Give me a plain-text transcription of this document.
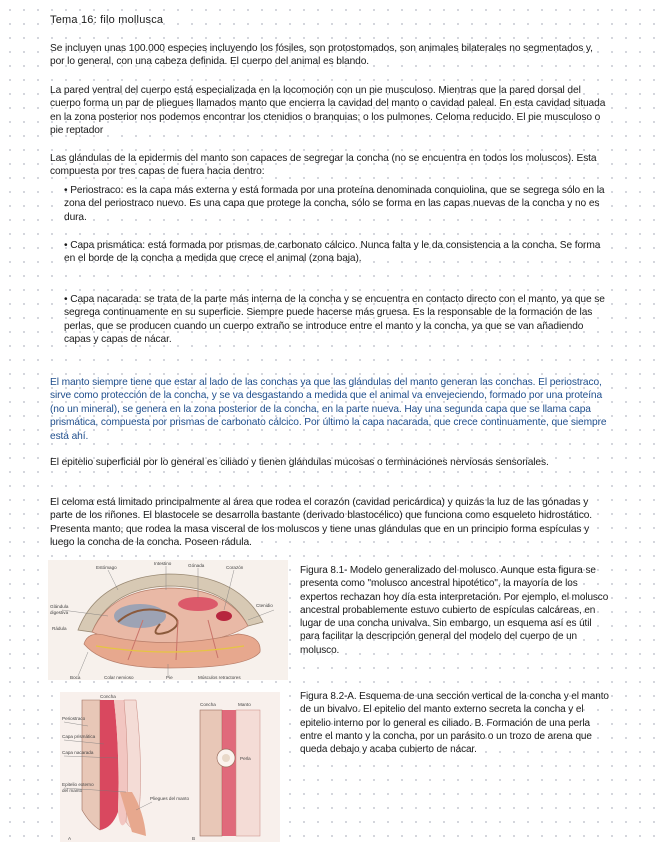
Tema 16: filo mollusca

Se incluyen unas 100.000 especies incluyendo los fósiles, son protostomados, son animales bilaterales no segmentados y, por lo general, con una cabeza definida. El cuerpo del animal es blando.

La pared ventral del cuerpo está especializada en la locomoción con un pie musculoso. Mientras que la pared dorsal del cuerpo forma un par de pliegues llamados manto que encierra la cavidad del manto o cavidad paleal. En esta cavidad situada en la zona posterior nos podemos encontrar los ctenidios o branquias; o los pulmones. Celoma reducido. El pie musculoso o pie reptador

Las glándulas de la epidermis del manto son capaces de segregar la concha (no se encuentra en todos los moluscos). Esta compuesta por tres capas de fuera hacia dentro:

• Periostraco: es la capa más externa y está formada por una proteína denominada conquiolina, que se segrega sólo en la zona del periostraco nuevo. Es una capa que protege la concha, sólo se forma en las capas nuevas de la concha y no es dura.

• Capa prismática: está formada por prismas de carbonato cálcico. Nunca falta y le da consistencia a la concha. Se forma en el borde de la concha a medida que crece el animal (zona baja).

• Capa nacarada: se trata de la parte más interna de la concha y se encuentra en contacto directo con el manto, ya que se segrega continuamente en su superficie. Siempre puede hacerse más gruesa. Es la responsable de la formación de las perlas, que se producen cuando un cuerpo extraño se introduce entre el manto y la concha, ya que se van añadiendo capas y capas de nácar.

El manto siempre tiene que estar al lado de las conchas ya que las glándulas del manto generan las conchas. El periostraco, sirve como protección de la concha, y se va desgastando a medida que el animal va envejeciendo, formado por una proteína (no un mineral), se genera en la zona posterior de la concha, en la parte nueva. Hay una segunda capa que se llama capa prismática, compuesta por prismas de carbonato cálcico. Por último la capa nacarada, que crece continuamente, que siempre está ahí.

El epitelio superficial por lo general es ciliado y tienen glándulas mucosas o terminaciones nerviosas sensoriales.

El celoma está limitado principalmente al área que rodea el corazón (cavidad pericárdica) y quizás la luz de las gónadas y parte de los riñones. El blastocele se desarrolla bastante (derivado blastocélico) que funciona como esqueleto hidrostático. Presenta manto, que rodea la masa visceral de los moluscos y tiene unas glándulas que en un principio forma espículas y luego la concha de la concha. Poseen rádula.

Estómago
Intestino	Gónada	Corazón
Glándula
digestiva
Ctenidio
Rádula
Boca	Pie	Músculos retractores
Colar nervioso

Figura 8.1- Modelo generalizado del molusco. Aunque esta figura se presenta como "molusco ancestral hipotético", la mayoría de los expertos rechazan hoy día esta interpretación. Por ejemplo, el molusco ancestral probablemente estuvo cubierto de espículas calcáreas, en lugar de una concha univalva. Sin embargo, un esquema así es útil para facilitar la descripción general del modelo del cuerpo de un molusco.

Periostraco
Capa prismática
Capa nacarada
Epitelio externo
del manto
Pliegues del manto
Concha
A
Concha	Manto
Perla
B

Figura 8.2-A. Esquema de una sección vertical de la concha y el manto de un bivalvo. El epitelio del manto externo secreta la concha y el epitelio interno por lo general es ciliado. B. Formación de una perla entre el manto y la concha, por un parásito o un trozo de arena que queda debajo y acaba cubierto de nácar.
